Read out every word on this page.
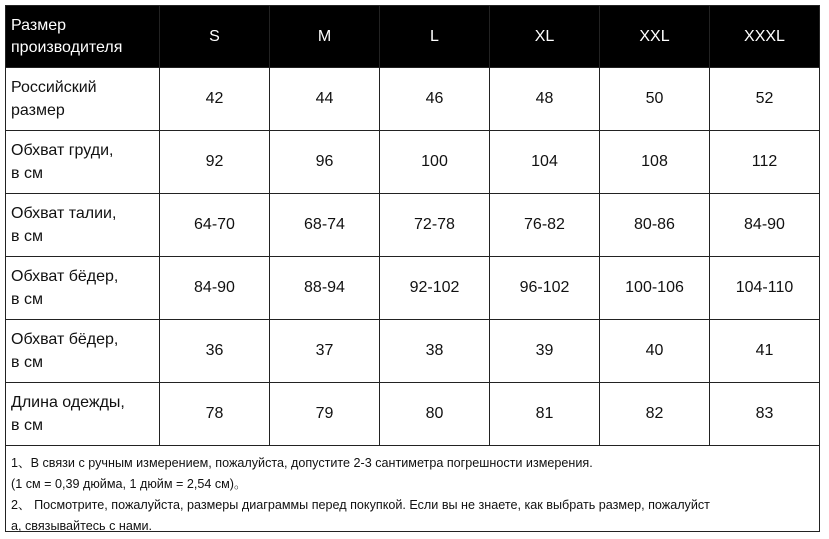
Размер
производителя	S	M	L	XL	XXL	XXXL

Российский
размер	42	44	46	48	50	52

Обхват груди,
в см	92	96	100	104	108	112

Обхват талии,
в см	64-70	68-74	72-78	76-82	80-86	84-90

Обхват бёдер,
в см	84-90	88-94	92-102	96-102	100-106	104-110

Обхват бёдер,
в см	36	37	38	39	40	41

Длина одежды,
в см	78	79	80	81	82	83
1、В связи с ручным измерением, пожалуйста, допустите 2-3 сантиметра погрешности измерения.
(1 см = 0,39 дюйма, 1 дюйм = 2,54 см)。
2、 Посмотрите, пожалуйста, размеры диаграммы перед покупкой. Если вы не знаете, как выбрать размер, пожалуйст
а, связывайтесь с нами.
